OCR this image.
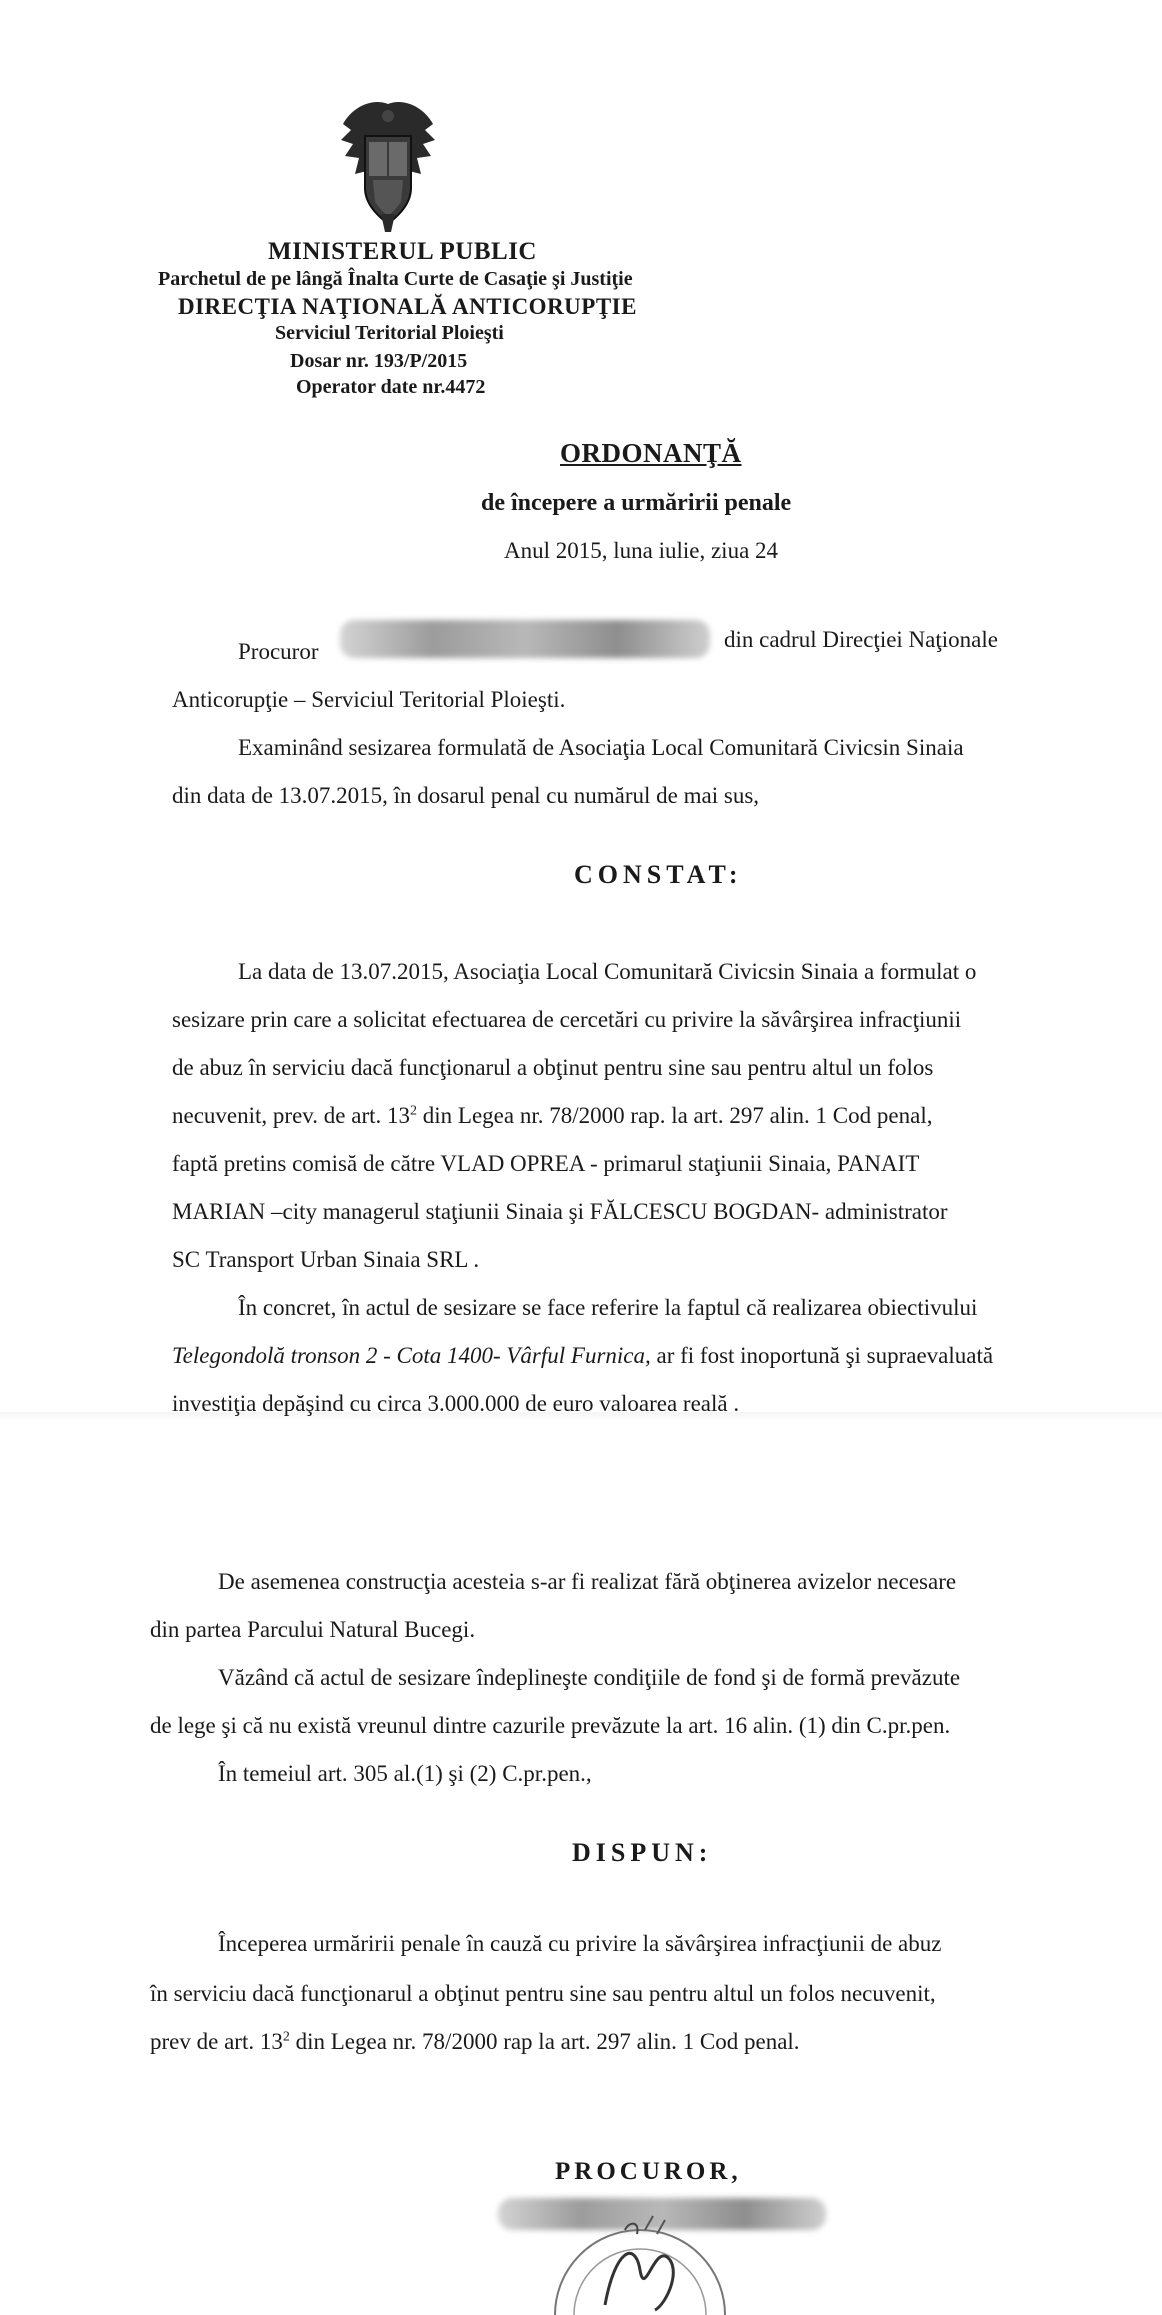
MINISTERUL PUBLIC
Parchetul de pe lângă Înalta Curte de Casaţie şi Justiţie
DIRECŢIA NAŢIONALĂ ANTICORUPŢIE
Serviciul Teritorial Ploieşti
Dosar nr. 193/P/2015
Operator date nr.4472
ORDONANŢĂ
de începere a urmăririi penale
Anul 2015, luna iulie, ziua 24
Procuror	din cadrul Direcţiei Naţionale
Anticorupţie – Serviciul Teritorial Ploieşti.
Examinând sesizarea formulată de Asociaţia Local Comunitară Civicsin Sinaia
din data de 13.07.2015, în dosarul penal cu numărul de mai sus,
CONSTAT:
La data de 13.07.2015, Asociaţia Local Comunitară Civicsin Sinaia a formulat o
sesizare prin care a solicitat efectuarea de cercetări cu privire la săvârşirea infracţiunii
de abuz în serviciu dacă funcţionarul a obţinut pentru sine sau pentru altul un folos
necuvenit, prev. de art. $13^2$ din Legea nr. 78/2000 rap. la art. 297 alin. 1 Cod penal,
faptă pretins comisă de către VLAD OPREA - primarul staţiunii Sinaia, PANAIT
MARIAN –city managerul staţiunii Sinaia şi FĂLCESCU BOGDAN- administrator
SC Transport Urban Sinaia SRL .
În concret, în actul de sesizare se face referire la faptul că realizarea obiectivului
Telegondolă tronson 2 - Cota 1400- Vârful Furnica, ar fi fost inoportună şi supraevaluată
investiţia depăşind cu circa 3.000.000 de euro valoarea reală .
De asemenea construcţia acesteia s-ar fi realizat fără obţinerea avizelor necesare
din partea Parcului Natural Bucegi.
Văzând că actul de sesizare îndeplineşte condiţiile de fond şi de formă prevăzute
de lege şi că nu există vreunul dintre cazurile prevăzute la art. 16 alin. (1) din C.pr.pen.
În temeiul art. 305 al.(1) şi (2) C.pr.pen.,
DISPUN:
Începerea urmăririi penale în cauză cu privire la săvârşirea infracţiunii de abuz
în serviciu dacă funcţionarul a obţinut pentru sine sau pentru altul un folos necuvenit,
prev de art. $13^2$ din Legea nr. 78/2000 rap la art. 297 alin. 1 Cod penal.
PROCUROR,
